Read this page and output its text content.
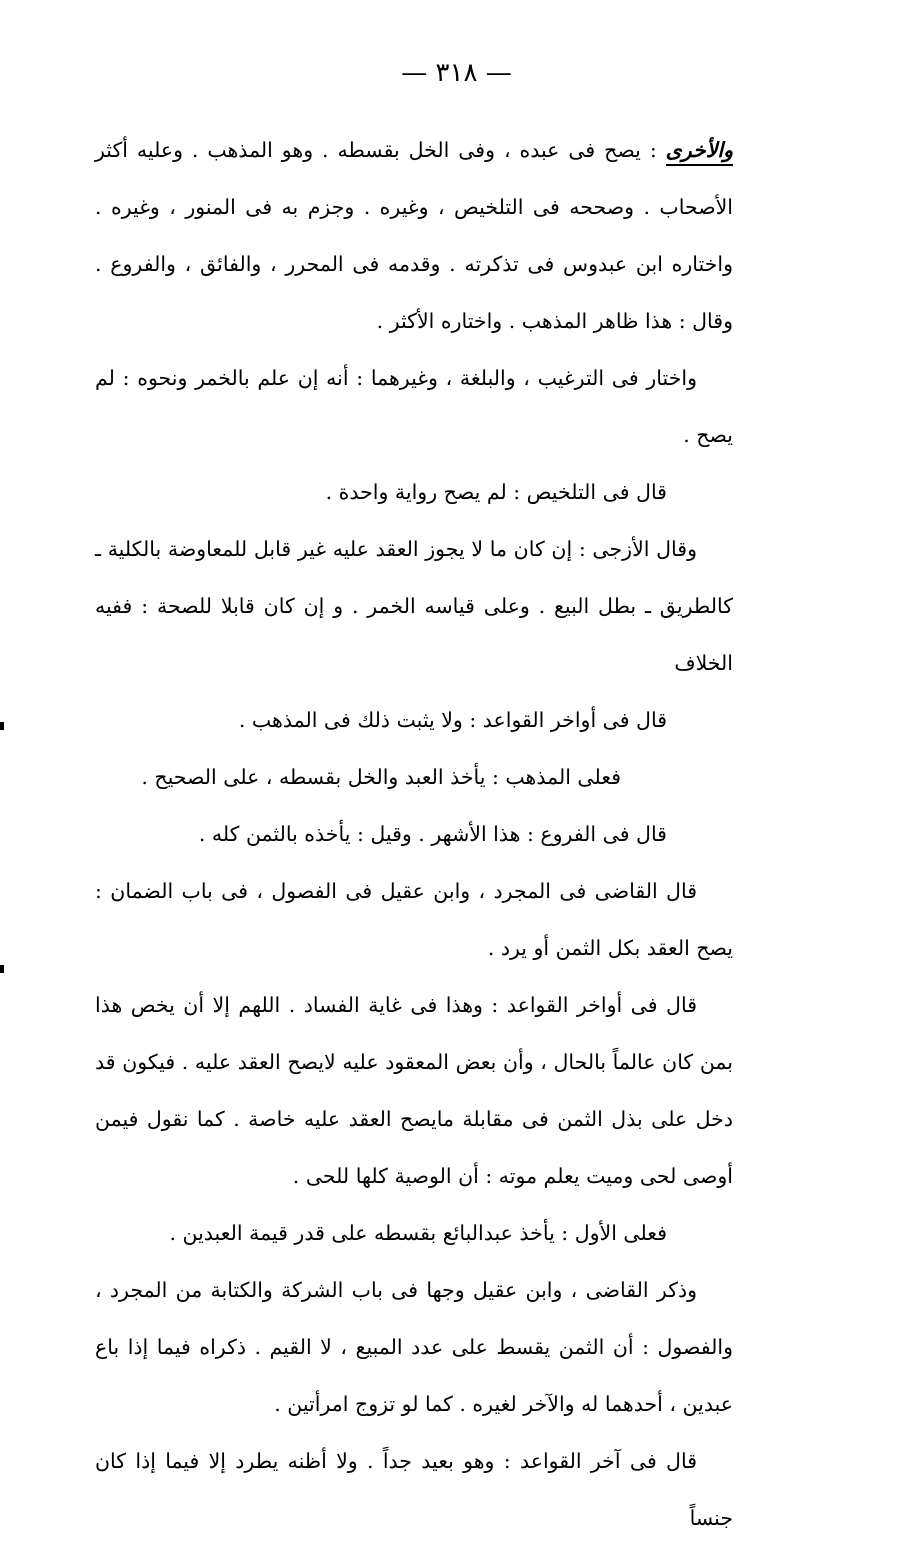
— ٣١٨ —

والأخرى : يصح فى عبده ، وفى الخل بقسطه . وهو المذهب . وعليه أكثر الأصحاب . وصححه فى التلخيص ، وغيره . وجزم به فى المنور ، وغيره . واختاره ابن عبدوس فى تذكرته . وقدمه فى المحرر ، والفائق ، والفروع . وقال : هذا ظاهر المذهب . واختاره الأكثر .

واختار فى الترغيب ، والبلغة ، وغيرهما : أنه إن علم بالخمر ونحوه : لم يصح .

قال فى التلخيص : لم يصح رواية واحدة .

وقال الأزجى : إن كان ما لا يجوز العقد عليه غير قابل للمعاوضة بالكلية ـ كالطريق ـ بطل البيع . وعلى قياسه الخمر . و إن كان قابلا للصحة : ففيه الخلاف

قال فى أواخر القواعد : ولا يثبت ذلك فى المذهب .

فعلى المذهب : يأخذ العبد والخل بقسطه ، على الصحيح .

قال فى الفروع : هذا الأشهر . وقيل : يأخذه بالثمن كله .

قال القاضى فى المجرد ، وابن عقيل فى الفصول ، فى باب الضمان : يصح العقد بكل الثمن أو يرد .

قال فى أواخر القواعد : وهذا فى غاية الفساد . اللهم إلا أن يخص هذا بمن كان عالماً بالحال ، وأن بعض المعقود عليه لايصح العقد عليه . فيكون قد دخل على بذل الثمن فى مقابلة مايصح العقد عليه خاصة . كما نقول فيمن أوصى لحى وميت يعلم موته : أن الوصية كلها للحى .

فعلى الأول : يأخذ عبدالبائع بقسطه على قدر قيمة العبدين .

وذكر القاضى ، وابن عقيل وجها فى باب الشركة والكتابة من المجرد ، والفصول : أن الثمن يقسط على عدد المبيع ، لا القيم . ذكراه فيما إذا باع عبدين ، أحدهما له والآخر لغيره . كما لو تزوج امرأتين .

قال فى آخر القواعد : وهو بعيد جداً . ولا أظنه يطرد إلا فيما إذا كان جنساً
